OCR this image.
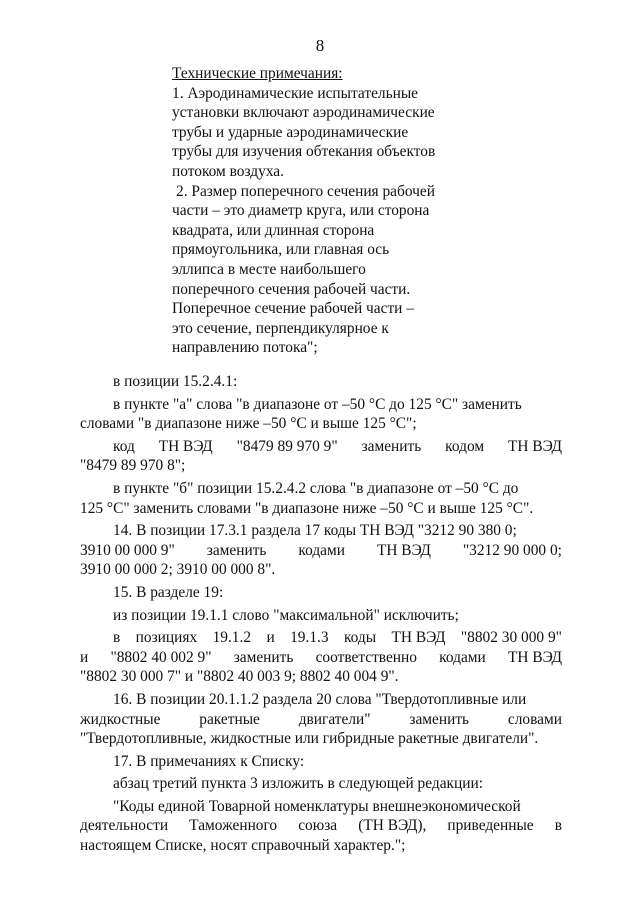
8
Технические примечания:
1. Аэродинамические испытательные
установки включают аэродинамические
трубы и ударные аэродинамические
трубы для изучения обтекания объектов
потоком воздуха.
2. Размер поперечного сечения рабочей
части – это диаметр круга, или сторона
квадрата, или длинная сторона
прямоугольника, или главная ось
эллипса в месте наибольшего
поперечного сечения рабочей части.
Поперечное сечение рабочей части –
это сечение, перпендикулярное к
направлению потока";
в позиции 15.2.4.1:
в пункте "а" слова "в диапазоне от –50 °С до 125 °С" заменить
словами "в диапазоне ниже –50 °С и выше 125 °С";
код ТН ВЭД "8479 89 970 9" заменить кодом ТН ВЭД
"8479 89 970 8";
в пункте "б" позиции 15.2.4.2 слова "в диапазоне от –50 °С до
125 °С" заменить словами "в диапазоне ниже –50 °С и выше 125 °С".
14. В позиции 17.3.1 раздела 17 коды ТН ВЭД "3212 90 380 0;
3910 00 000 9" заменить кодами ТН ВЭД "3212 90 000 0;
3910 00 000 2; 3910 00 000 8".
15. В разделе 19:
из позиции 19.1.1 слово "максимальной" исключить;
в позициях 19.1.2 и 19.1.3 коды ТН ВЭД "8802 30 000 9"
и "8802 40 002 9" заменить соответственно кодами ТН ВЭД
"8802 30 000 7" и "8802 40 003 9; 8802 40 004 9".
16. В позиции 20.1.1.2 раздела 20 слова "Твердотопливные или
жидкостные	ракетные	двигатели"	заменить	словами
"Твердотопливные, жидкостные или гибридные ракетные двигатели".
17. В примечаниях к Списку:
абзац третий пункта 3 изложить в следующей редакции:
"Коды единой Товарной номенклатуры внешнеэкономической
деятельности Таможенного союза (ТН ВЭД), приведенные в
настоящем Списке, носят справочный характер.";
